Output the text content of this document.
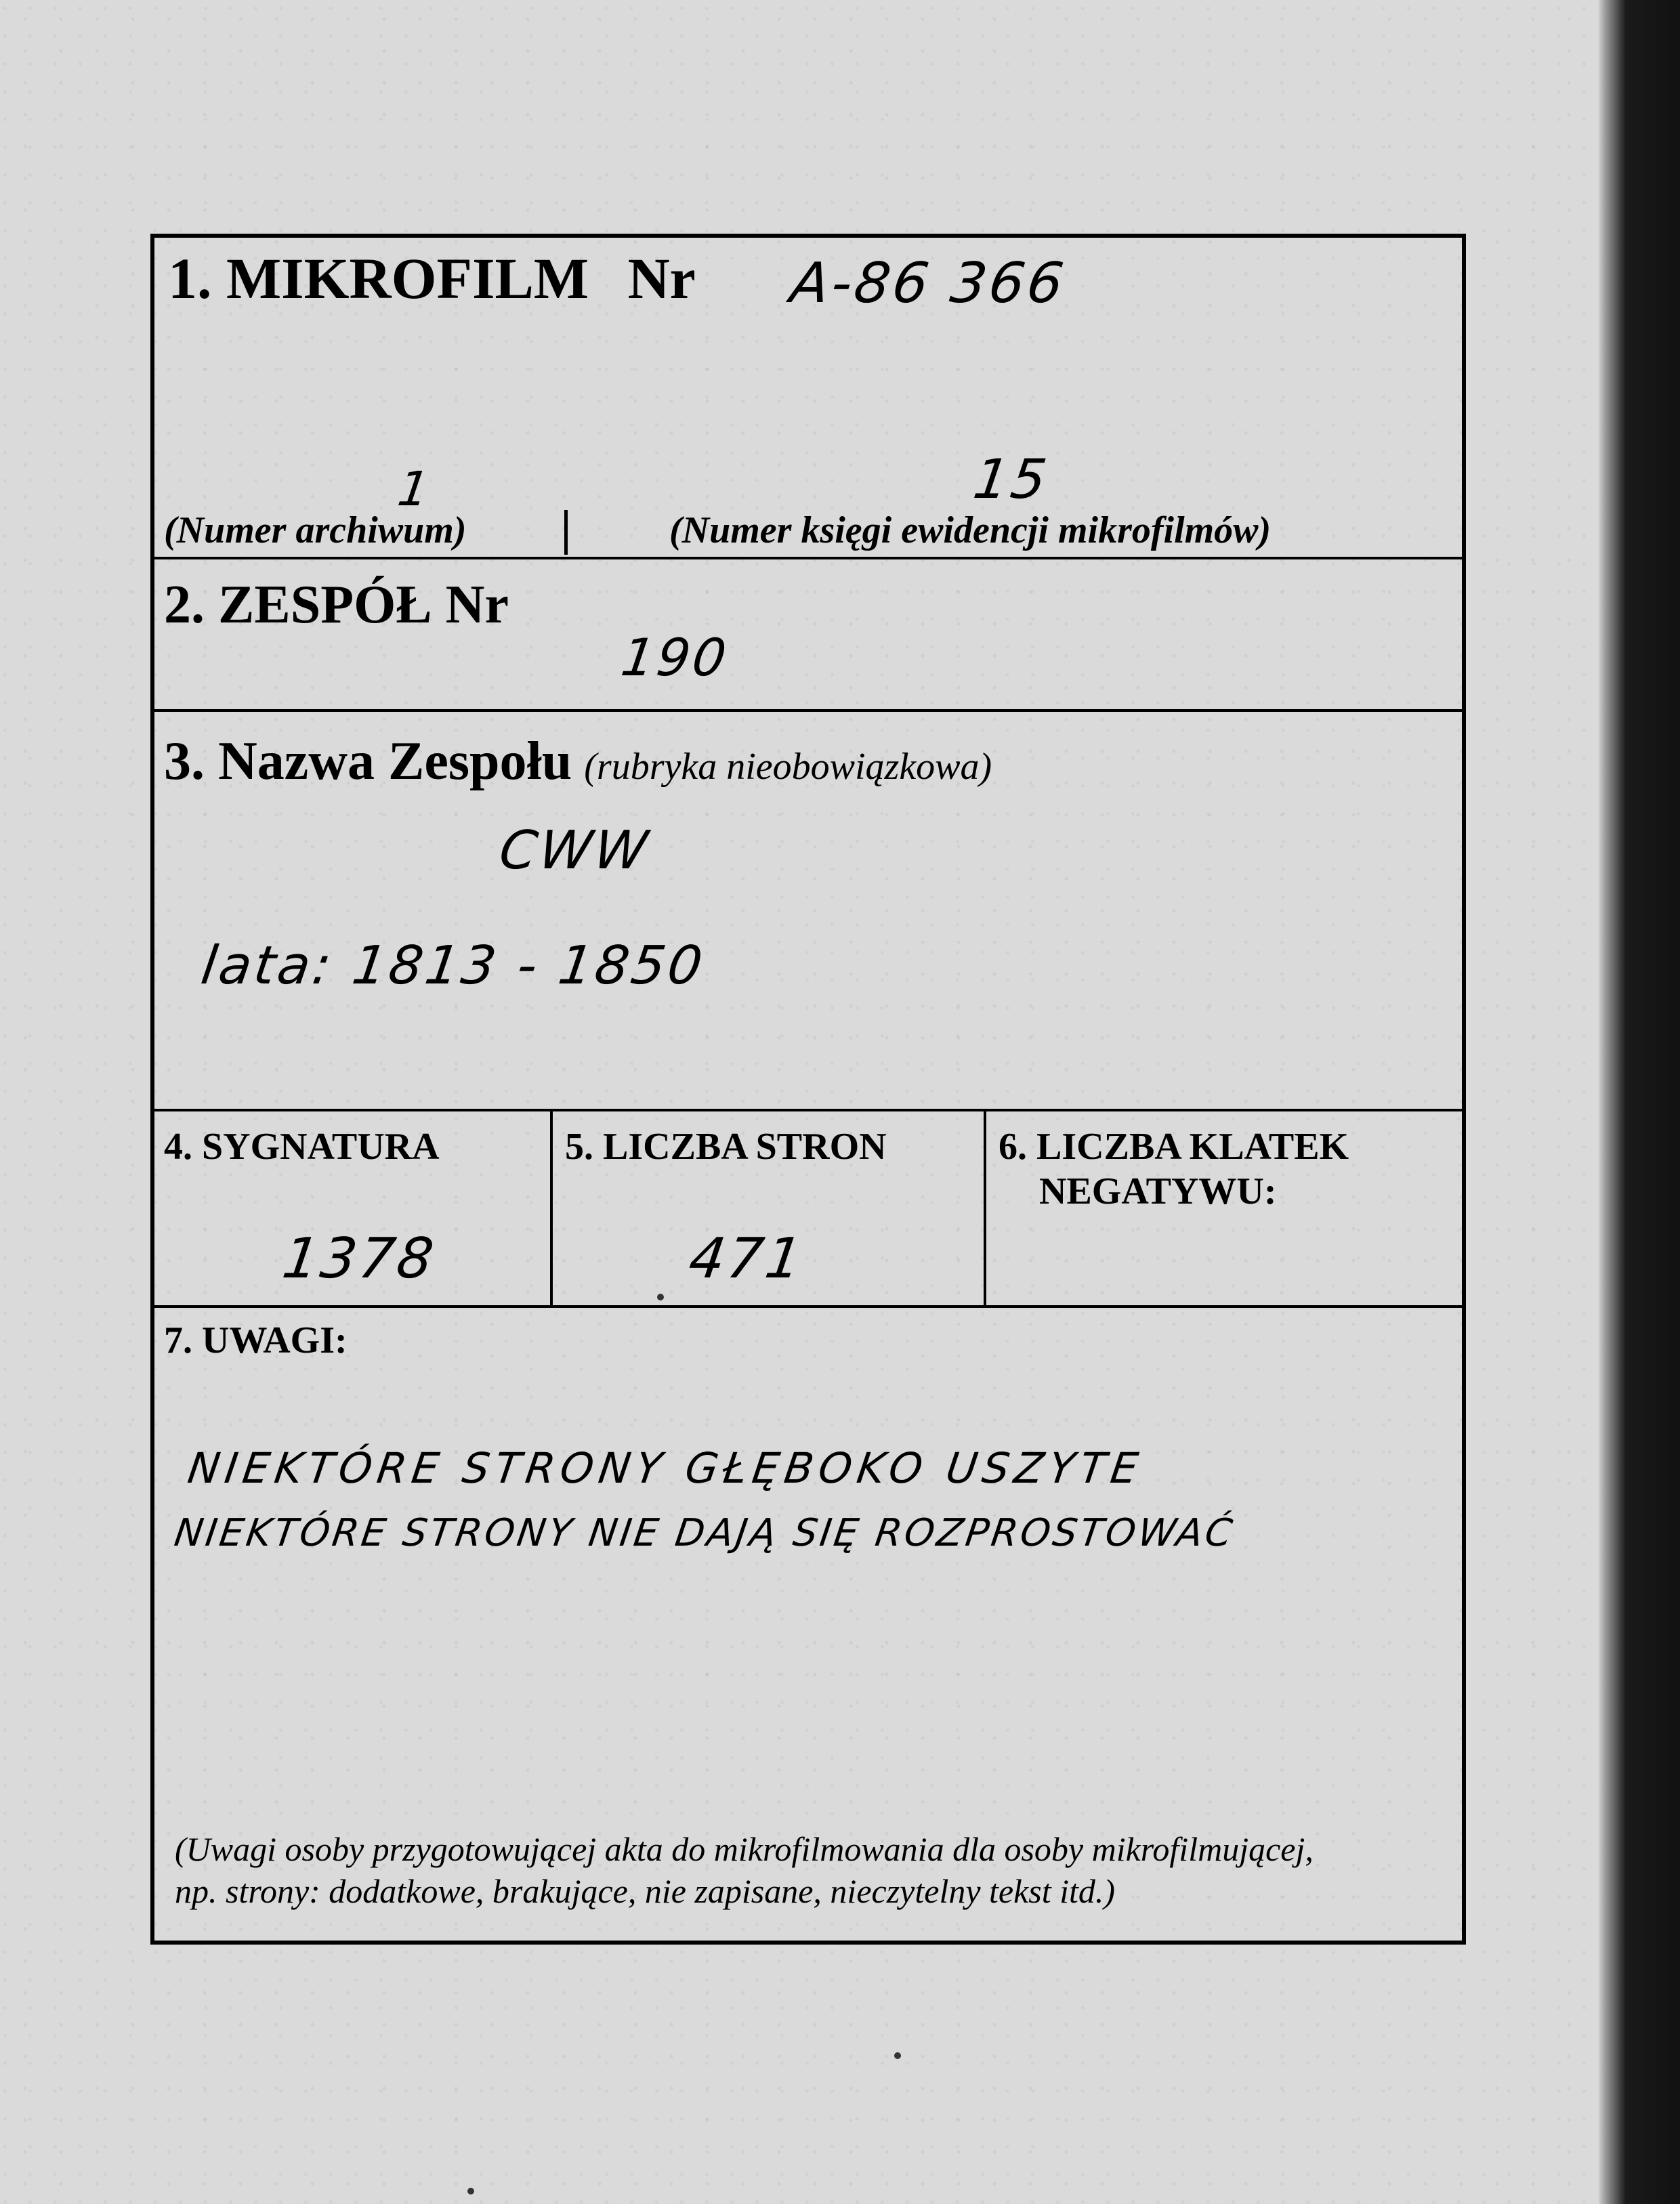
1. MIKROFILM Nr A-86 366
1	15
(Numer archiwum)	(Numer księgi ewidencji mikrofilmów)
2. ZESPÓŁ Nr
190
3. Nazwa Zespołu (rubryka nieobowiązkowa)
CWW
lata: 1813 - 1850
4. SYGNATURA
1378
5. LICZBA STRON
471
6. LICZBA KLATEK
NEGATYWU:
7. UWAGI:
NIEKTÓRE STRONY GŁĘBOKO USZYTE
NIEKTÓRE STRONY NIE DAJĄ SIĘ ROZPROSTOWAĆ
(Uwagi osoby przygotowującej akta do mikrofilmowania dla osoby mikrofilmującej,
np. strony: dodatkowe, brakujące, nie zapisane, nieczytelny tekst itd.)
